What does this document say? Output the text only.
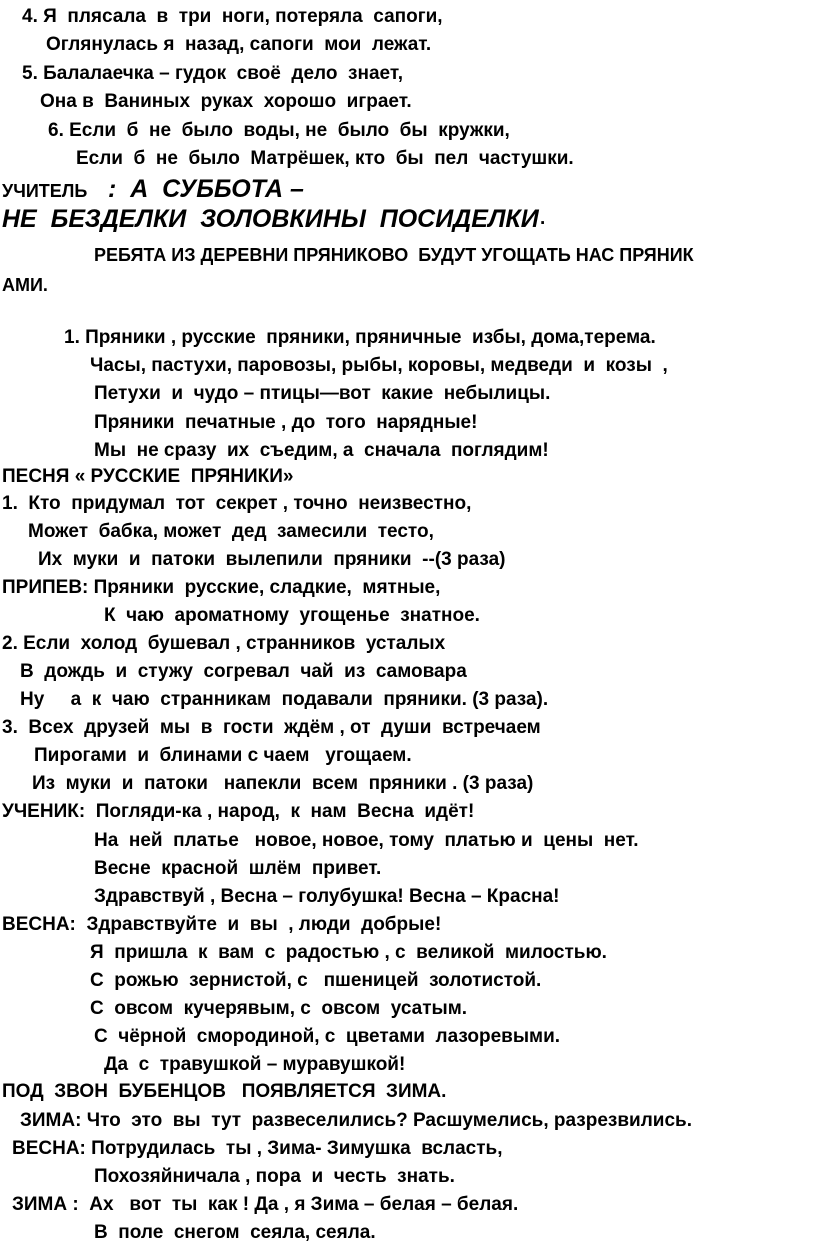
4. Я  плясала  в  три  ноги, потеряла  сапоги,
Оглянулась я  назад, сапоги  мои  лежат.
5. Балалаечка – гудок  своё  дело  знает,
Она в  Ваниных  руках  хорошо  играет.
6. Если  б  не  было  воды, не  было  бы  кружки,
Если  б  не  было  Матрёшек, кто  бы  пел  частушки.
УЧИТЕЛЬ :  А  СУББОТА –
НЕ  БЕЗДЕЛКИ  ЗОЛОВКИНЫ  ПОСИДЕЛКИ .
РЕБЯТА ИЗ ДЕРЕВНИ ПРЯНИКОВО  БУДУТ УГОЩАТЬ НАС ПРЯНИК
АМИ.
1. Пряники , русские  пряники, пряничные  избы, дома,терема.
Часы, пастухи, паровозы, рыбы, коровы, медведи  и  козы  ,
Петухи  и  чудо – птицы—вот  какие  небылицы.
Пряники  печатные , до  того  нарядные!
Мы  не сразу  их  съедим, а  сначала  поглядим!
ПЕСНЯ « РУССКИЕ  ПРЯНИКИ»
1.  Кто  придумал  тот  секрет , точно  неизвестно,
Может  бабка, может  дед  замесили  тесто,
Их  муки  и  патоки  вылепили  пряники  --(3 раза)
ПРИПЕВ: Пряники  русские, сладкие,  мятные,
К  чаю  ароматному  угощенье  знатное.
2. Если  холод  бушевал , странников  усталых
В  дождь  и  стужу  согревал  чай  из  самовара
Ну     а  к  чаю  странникам  подавали  пряники. (3 раза).
3.  Всех  друзей  мы  в  гости  ждём , от  души  встречаем
Пирогами  и  блинами с чаем   угощаем.
Из  муки  и  патоки   напекли  всем  пряники . (3 раза)
УЧЕНИК:  Погляди-ка , народ,  к  нам  Весна  идёт!
На  ней  платье   новое, новое, тому  платью и  цены  нет.
Весне  красной  шлём  привет.
Здравствуй , Весна – голубушка! Весна – Красна!
ВЕСНА:  Здравствуйте  и  вы  , люди  добрые!
Я  пришла  к  вам  с  радостью , с  великой  милостью.
С  рожью  зернистой, с   пшеницей  золотистой.
С  овсом  кучерявым, с  овсом  усатым.
С  чёрной  смородиной, с  цветами  лазоревыми.
Да  с  травушкой – муравушкой!
ПОД  ЗВОН  БУБЕНЦОВ   ПОЯВЛЯЕТСЯ  ЗИМА.
ЗИМА: Что  это  вы  тут  развеселились? Расшумелись, разрезвились.
ВЕСНА: Потрудилась  ты , Зима- Зимушка  всласть,
Похозяйничала , пора  и  честь  знать.
ЗИМА :  Ах   вот  ты  как ! Да , я Зима – белая – белая.
В  поле  снегом  сеяла, сеяла.
